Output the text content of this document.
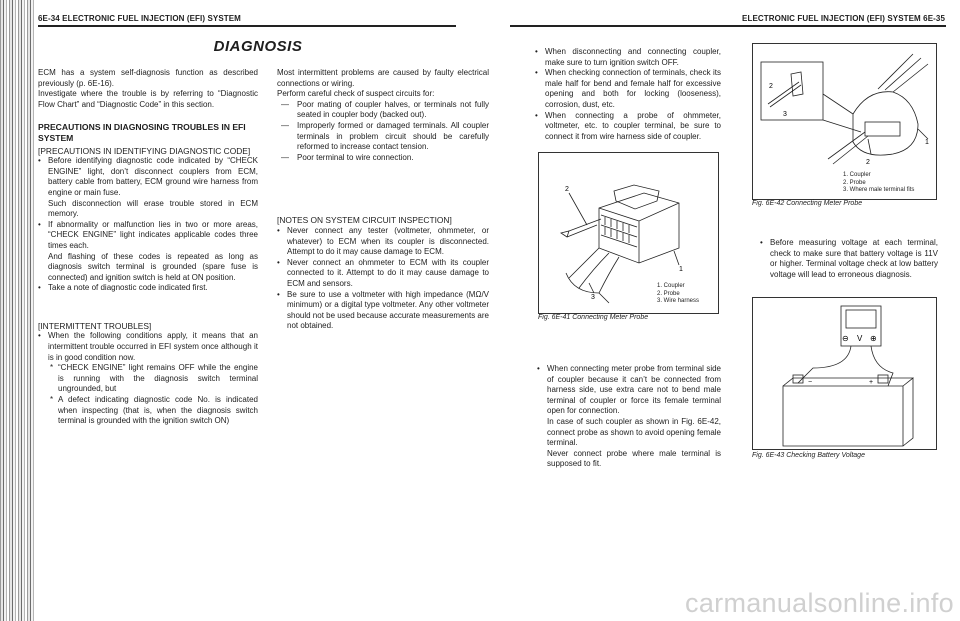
6E-34 ELECTRONIC FUEL INJECTION (EFI) SYSTEM	ELECTRONIC FUEL INJECTION (EFI) SYSTEM 6E-35
DIAGNOSIS

ECM has a system self-diagnosis function as described previously (p. 6E-16).

Investigate where the trouble is by referring to “Diagnostic Flow Chart” and “Diagnostic Code” in this section.

PRECAUTIONS IN DIAGNOSING TROUBLES IN EFI SYSTEM

[PRECAUTIONS IN IDENTIFYING DIAGNOSTIC CODE]

• Before identifying diagnostic code indicated by “CHECK ENGINE” light, don’t disconnect couplers from ECM, battery cable from battery, ECM ground wire harness from engine or main fuse.

Such disconnection will erase trouble stored in ECM memory.

• If abnormality or malfunction lies in two or more areas, “CHECK ENGINE” light indicates applicable codes three times each.

And flashing of these codes is repeated as long as diagnosis switch terminal is grounded (spare fuse is connected) and ignition switch is held at ON position.

• Take a note of diagnostic code indicated first.

[INTERMITTENT TROUBLES]

• When the following conditions apply, it means that an intermittent trouble occurred in EFI system once although it is in good condition now.

* “CHECK ENGINE” light remains OFF while the engine is running with the diagnosis switch terminal ungrounded, but

* A defect indicating diagnostic code No. is indicated when inspecting (that is, when the diagnosis switch terminal is grounded with the ignition switch ON)

Most intermittent problems are caused by faulty electrical connections or wiring.

Perform careful check of suspect circuits for:

— Poor mating of coupler halves, or terminals not fully seated in coupler body (backed out).

— Improperly formed or damaged terminals. All coupler terminals in problem circuit should be carefully reformed to increase contact tension.

— Poor terminal to wire connection.

[NOTES ON SYSTEM CIRCUIT INSPECTION]

• Never connect any tester (voltmeter, ohmmeter, or whatever) to ECM when its coupler is disconnected. Attempt to do it may cause damage to ECM.

• Never connect an ohmmeter to ECM with its coupler connected to it. Attempt to do it may cause damage to ECM and sensors.

• Be sure to use a voltmeter with high impedance (MΩ/V minimum) or a digital type voltmeter. Any other voltmeter should not be used because accurate measurements are not obtained.

• When disconnecting and connecting coupler, make sure to turn ignition switch OFF.

• When checking connection of terminals, check its male half for bend and female half for excessive opening and both for locking (looseness), corrosion, dust, etc.

• When connecting a probe of ohmmeter, voltmeter, etc. to coupler terminal, be sure to connect it from wire harness side of coupler.

2
1
3
1. Coupler
2. Probe
3. Wire harness
Fig. 6E-41 Connecting Meter Probe

• When connecting meter probe from terminal side of coupler because it can’t be connected from harness side, use extra care not to bend male terminal of coupler or force its female terminal open for connection.

In case of such coupler as shown in Fig. 6E-42, connect probe as shown to avoid opening female terminal.

Never connect probe where male terminal is supposed to fit.

2
3
1
2
1. Coupler
2. Probe
3. Where male terminal fits
Fig. 6E-42 Connecting Meter Probe

• Before measuring voltage at each terminal, check to make sure that battery voltage is 11V or higher. Terminal voltage check at low battery voltage will lead to erroneous diagnosis.

⊖ V ⊕
−	+
Fig. 6E-43 Checking Battery Voltage
carmanualsonline.info
